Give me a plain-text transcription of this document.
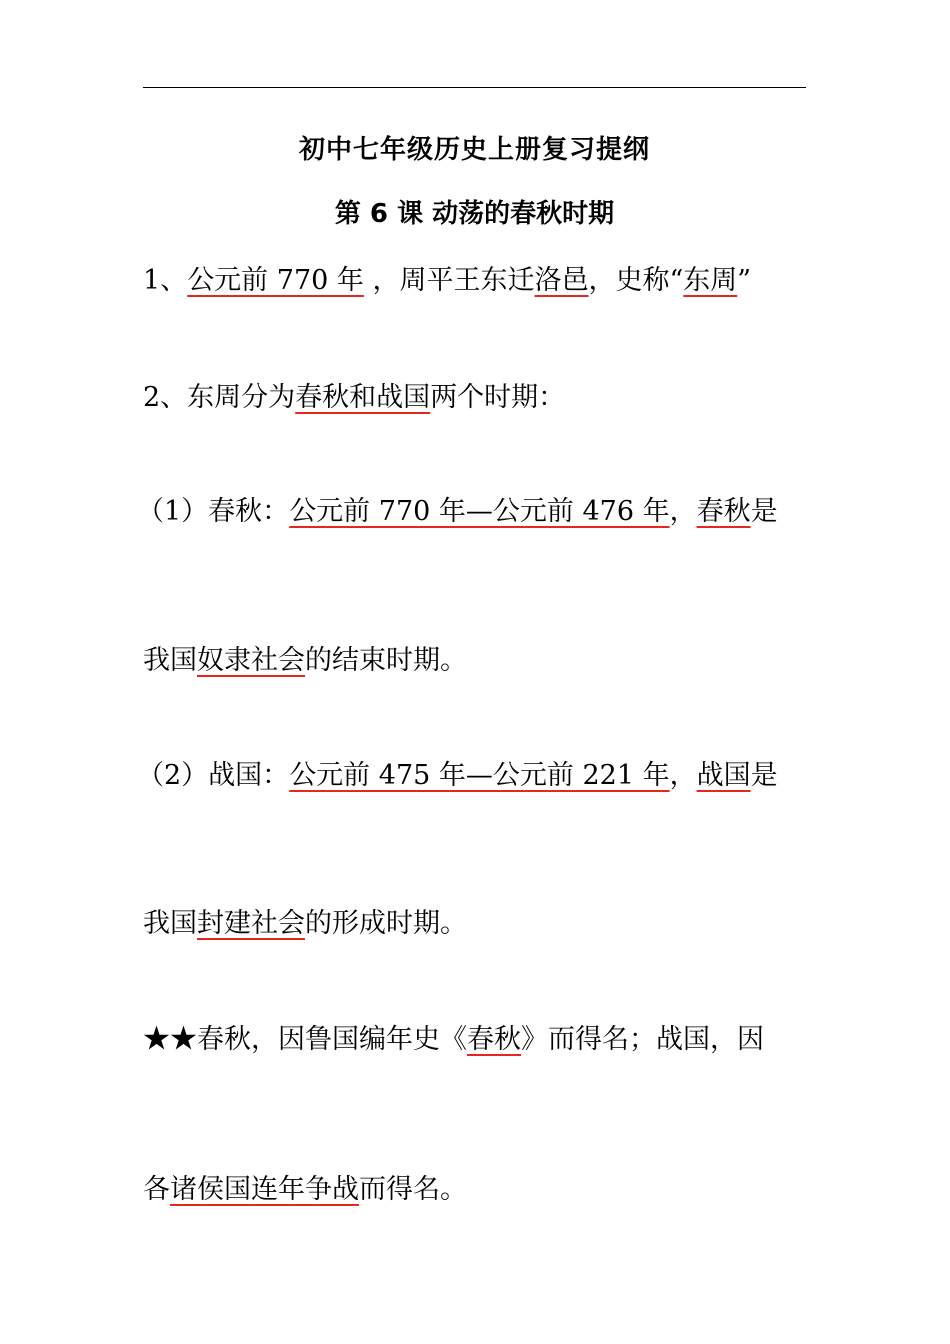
初中七年级历史上册复习提纲
第 6 课 动荡的春秋时期
1、公元前 770 年 ，周平王东迁洛邑，史称“东周”
2、东周分为春秋和战国两个时期：
（1）春秋：公元前 770 年—公元前 476 年，春秋是
我国奴隶社会的结束时期。
（2）战国：公元前 475 年—公元前 221 年，战国是
我国封建社会的形成时期。
★★春秋，因鲁国编年史《春秋》而得名；战国，因
各诸侯国连年争战而得名。
